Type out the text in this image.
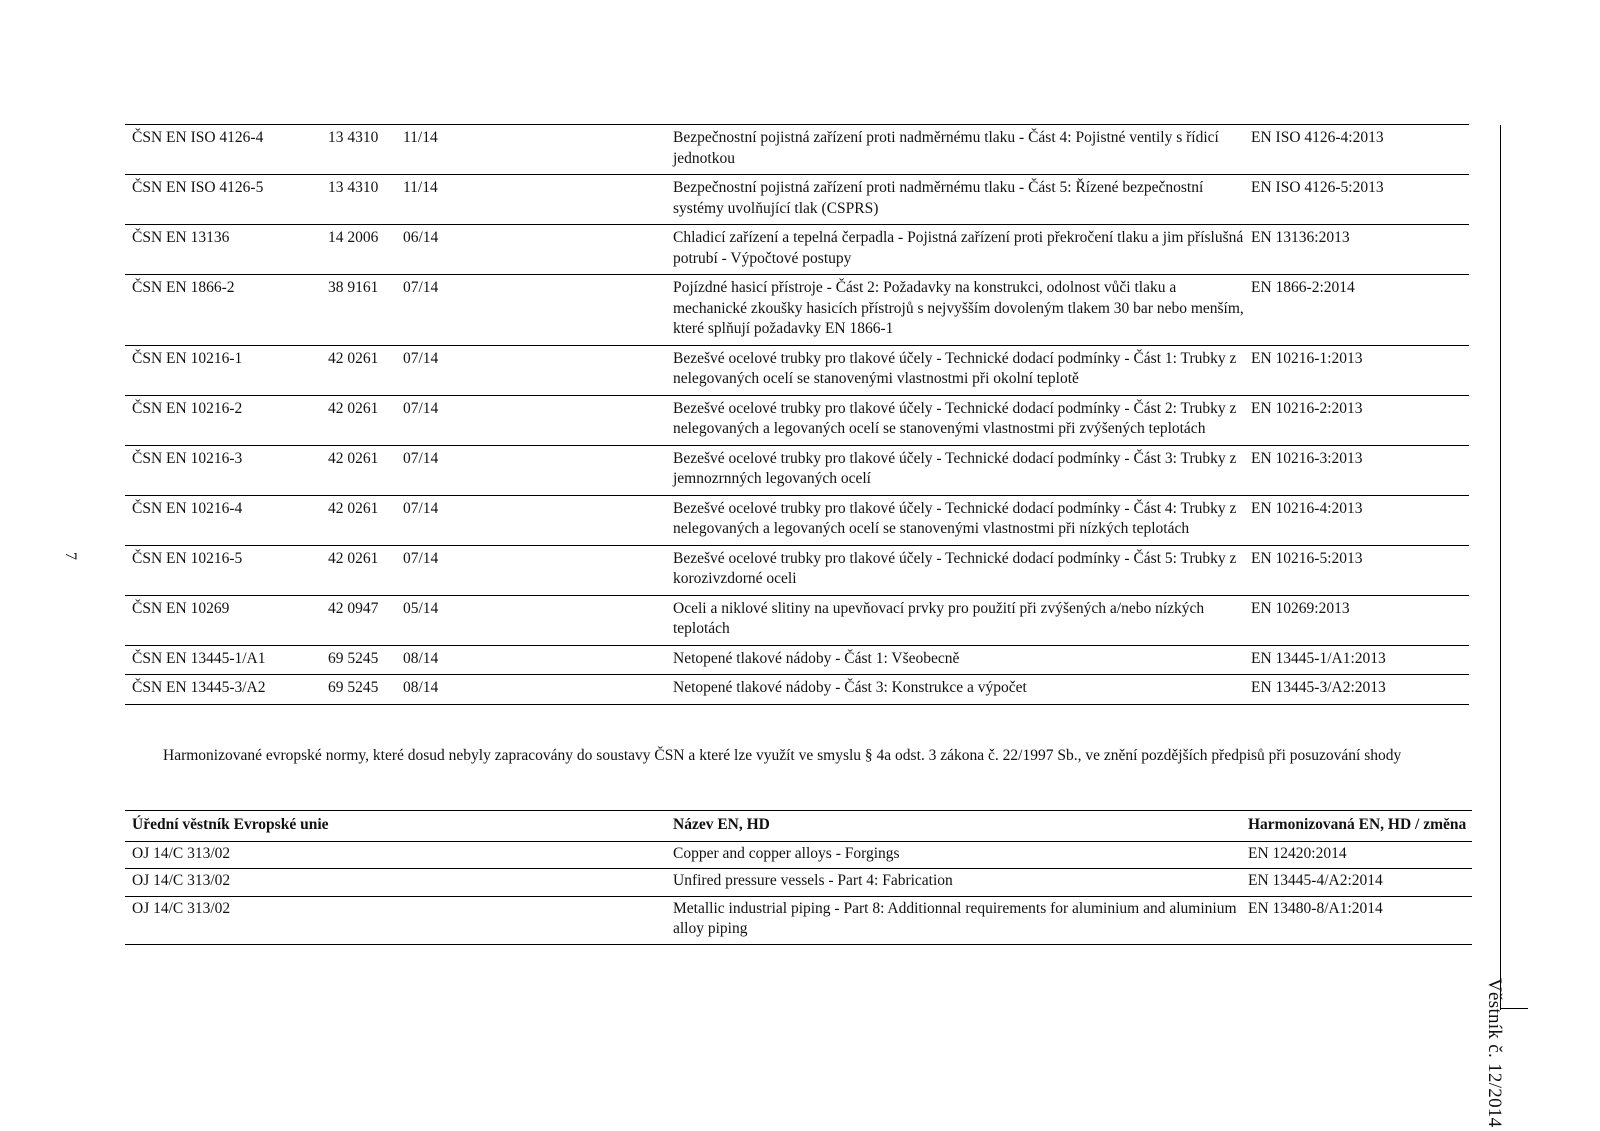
7
Věstník č. 12/2014
ČSN EN ISO 4126-4	13 4310	11/14	Bezpečnostní pojistná zařízení proti nadměrnému tlaku - Část 4: Pojistné ventily s řídicí jednotkou	EN ISO 4126-4:2013
ČSN EN ISO 4126-5	13 4310	11/14	Bezpečnostní pojistná zařízení proti nadměrnému tlaku - Část 5: Řízené bezpečnostní systémy uvolňující tlak (CSPRS)	EN ISO 4126-5:2013
ČSN EN 13136	14 2006	06/14	Chladicí zařízení a tepelná čerpadla - Pojistná zařízení proti překročení tlaku a jim příslušná potrubí - Výpočtové postupy	EN 13136:2013
ČSN EN 1866-2	38 9161	07/14	Pojízdné hasicí přístroje - Část 2: Požadavky na konstrukci, odolnost vůči tlaku a mechanické zkoušky hasicích přístrojů s nejvyšším dovoleným tlakem 30 bar nebo menším, které splňují požadavky EN 1866-1	EN 1866-2:2014
ČSN EN 10216-1	42 0261	07/14	Bezešvé ocelové trubky pro tlakové účely - Technické dodací podmínky - Část 1: Trubky z nelegovaných ocelí se stanovenými vlastnostmi při okolní teplotě	EN 10216-1:2013
ČSN EN 10216-2	42 0261	07/14	Bezešvé ocelové trubky pro tlakové účely - Technické dodací podmínky - Část 2: Trubky z nelegovaných a legovaných ocelí se stanovenými vlastnostmi při zvýšených teplotách	EN 10216-2:2013
ČSN EN 10216-3	42 0261	07/14	Bezešvé ocelové trubky pro tlakové účely - Technické dodací podmínky - Část 3: Trubky z jemnozrnných legovaných ocelí	EN 10216-3:2013
ČSN EN 10216-4	42 0261	07/14	Bezešvé ocelové trubky pro tlakové účely - Technické dodací podmínky - Část 4: Trubky z nelegovaných a legovaných ocelí se stanovenými vlastnostmi při nízkých teplotách	EN 10216-4:2013
ČSN EN 10216-5	42 0261	07/14	Bezešvé ocelové trubky pro tlakové účely - Technické dodací podmínky - Část 5: Trubky z korozivzdorné oceli	EN 10216-5:2013
ČSN EN 10269	42 0947	05/14	Oceli a niklové slitiny na upevňovací prvky pro použití při zvýšených a/nebo nízkých teplotách	EN 10269:2013
ČSN EN 13445-1/A1	69 5245	08/14	Netopené tlakové nádoby - Část 1: Všeobecně	EN 13445-1/A1:2013
ČSN EN 13445-3/A2	69 5245	08/14	Netopené tlakové nádoby - Část 3: Konstrukce a výpočet	EN 13445-3/A2:2013

Harmonizované evropské normy, které dosud nebyly zapracovány do soustavy ČSN a které lze využít ve smyslu § 4a odst. 3 zákona č. 22/1997 Sb., ve znění pozdějších předpisů při posuzování shody

Úřední věstník Evropské unie	Název EN, HD	Harmonizovaná EN, HD / změna
OJ 14/C 313/02	Copper and copper alloys - Forgings	EN 12420:2014
OJ 14/C 313/02	Unfired pressure vessels - Part 4: Fabrication	EN 13445-4/A2:2014
OJ 14/C 313/02	Metallic industrial piping - Part 8: Additionnal requirements for aluminium and aluminium alloy piping	EN 13480-8/A1:2014
